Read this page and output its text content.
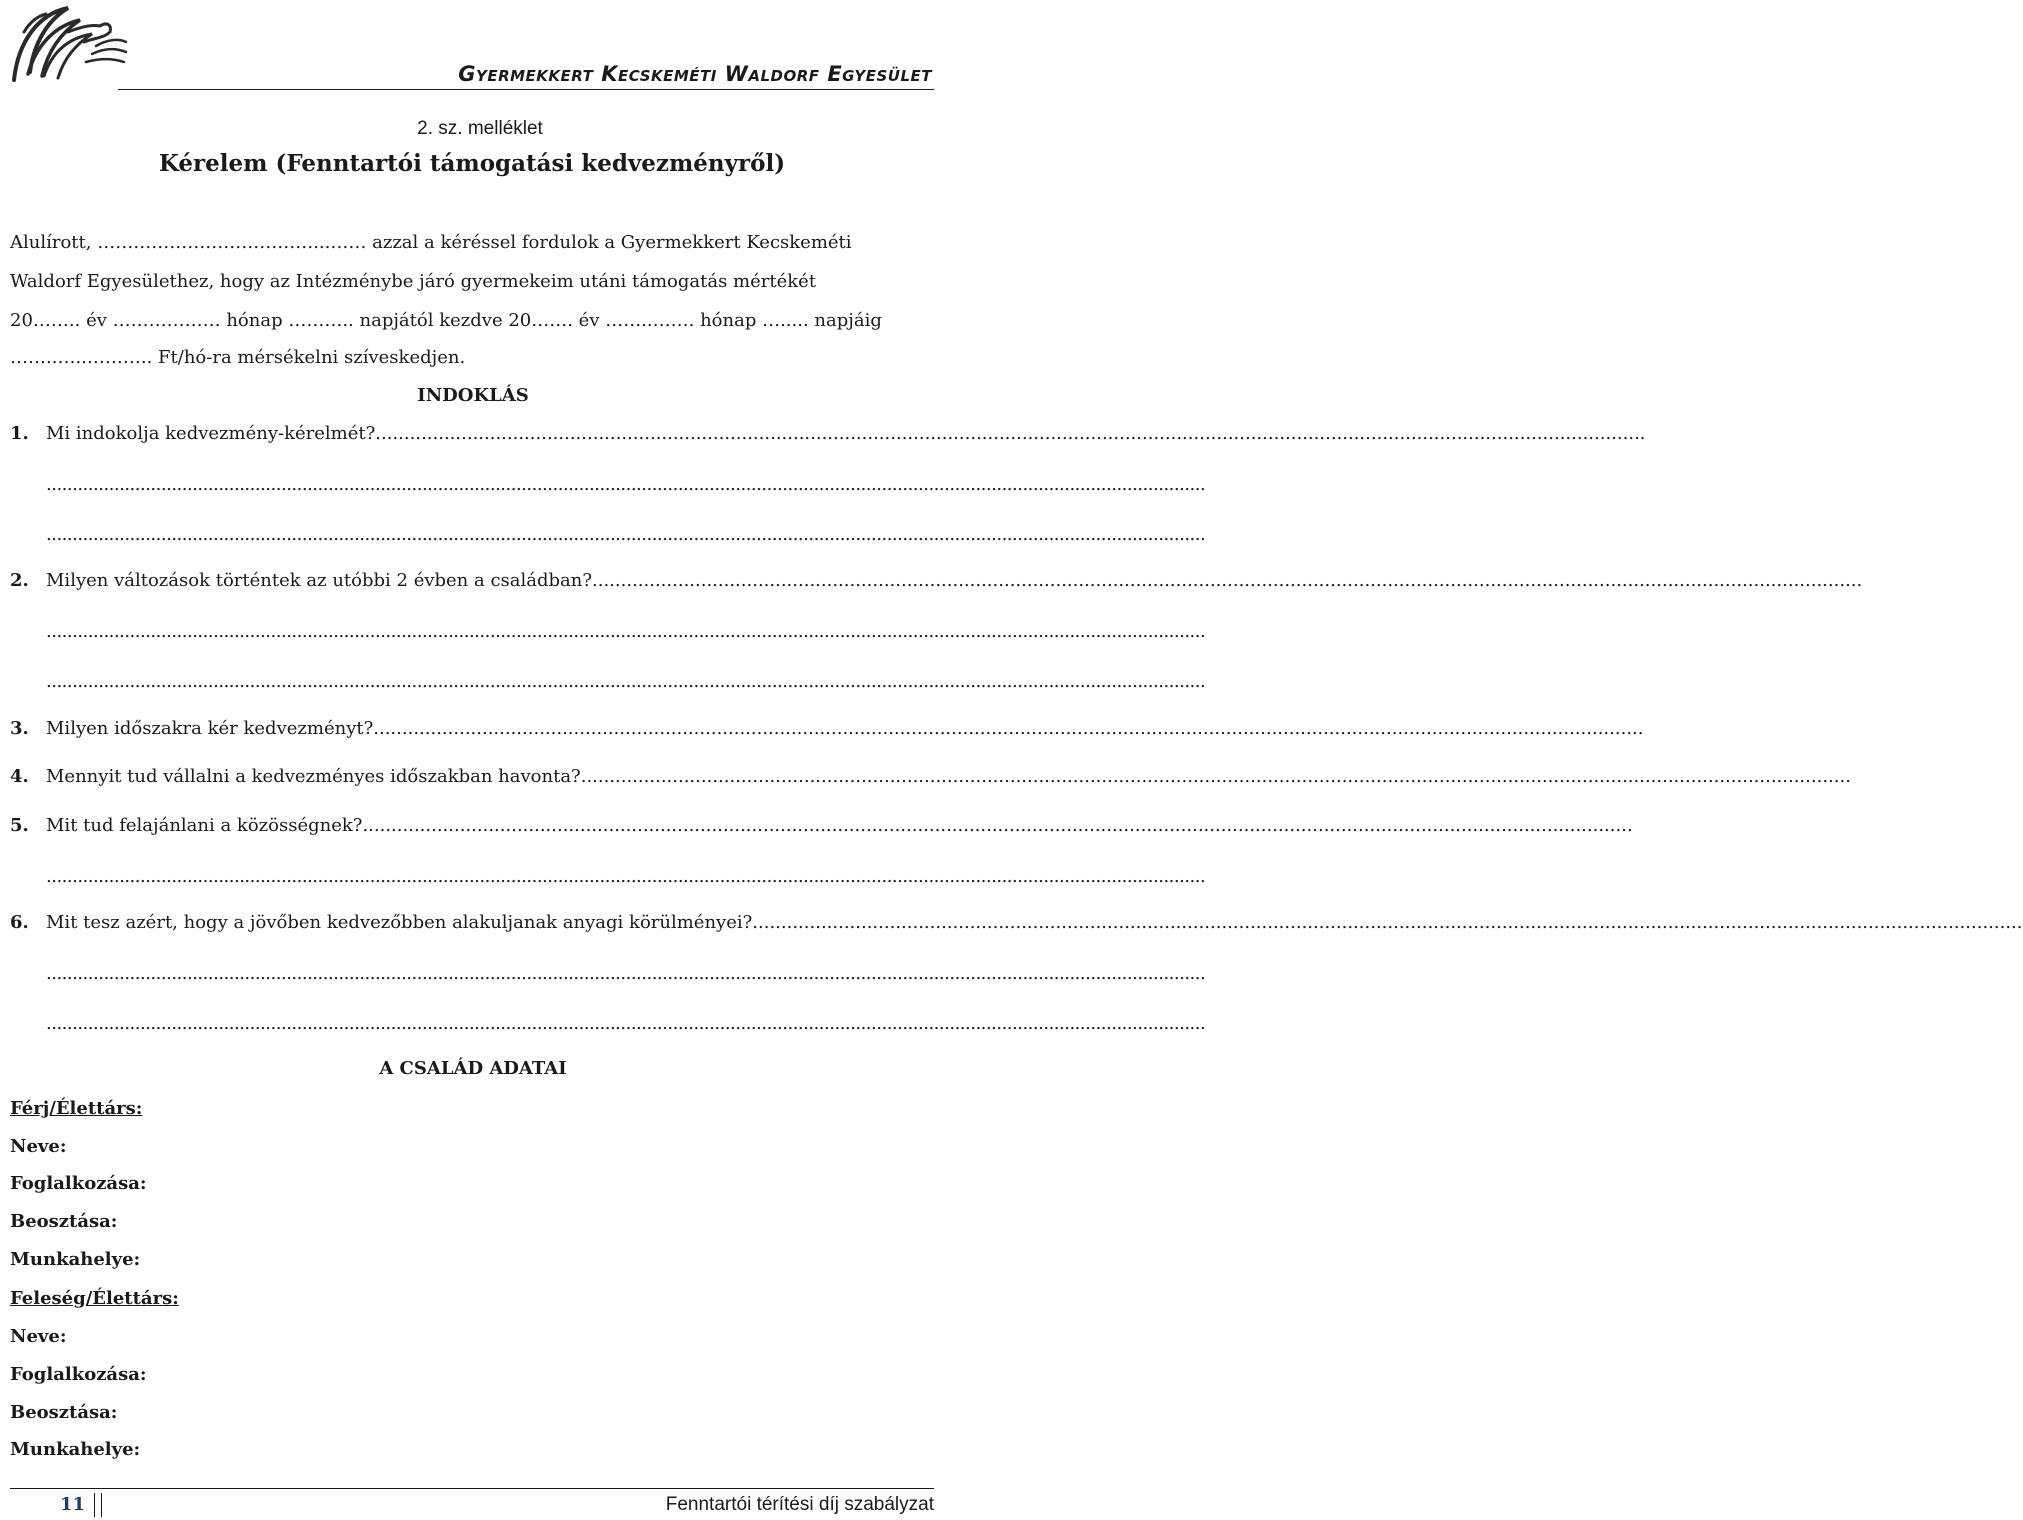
Gyermekkert Kecskeméti Waldorf Egyesület
2. sz. melléklet
Kérelem (Fenntartói támogatási kedvezményről)
Alulírott, ………………………………...…… azzal a kéréssel fordulok a Gyermekkert Kecskeméti
Waldorf Egyesülethez, hogy az Intézménybe járó gyermekeim utáni támogatás mértékét
20…….. év ……………… hónap ……….. napjától kezdve 20……. év ……..……. hónap …..... napjáig
……..…..……….. Ft/hó-ra mérsékelni szíveskedjen.
INDOKLÁS
1. Mi indokolja kedvezmény-kérelmét?..............................................................................................................................................................................................................................
..............................................................................................................................................................................................................................
..............................................................................................................................................................................................................................
2. Milyen változások történtek az utóbbi 2 évben a családban?..............................................................................................................................................................................................................................
..............................................................................................................................................................................................................................
..............................................................................................................................................................................................................................
3. Milyen időszakra kér kedvezményt?..............................................................................................................................................................................................................................
4. Mennyit tud vállalni a kedvezményes időszakban havonta?..............................................................................................................................................................................................................................
5. Mit tud felajánlani a közösségnek?..............................................................................................................................................................................................................................
..............................................................................................................................................................................................................................
6. Mit tesz azért, hogy a jövőben kedvezőbben alakuljanak anyagi körülményei?..............................................................................................................................................................................................................................
..............................................................................................................................................................................................................................
..............................................................................................................................................................................................................................
A CSALÁD ADATAI
Férj/Élettárs:
Neve:
Foglalkozása:
Beosztása:
Munkahelye:
Feleség/Élettárs:
Neve:
Foglalkozása:
Beosztása:
Munkahelye:
11	Fenntartói térítési díj szabályzat
